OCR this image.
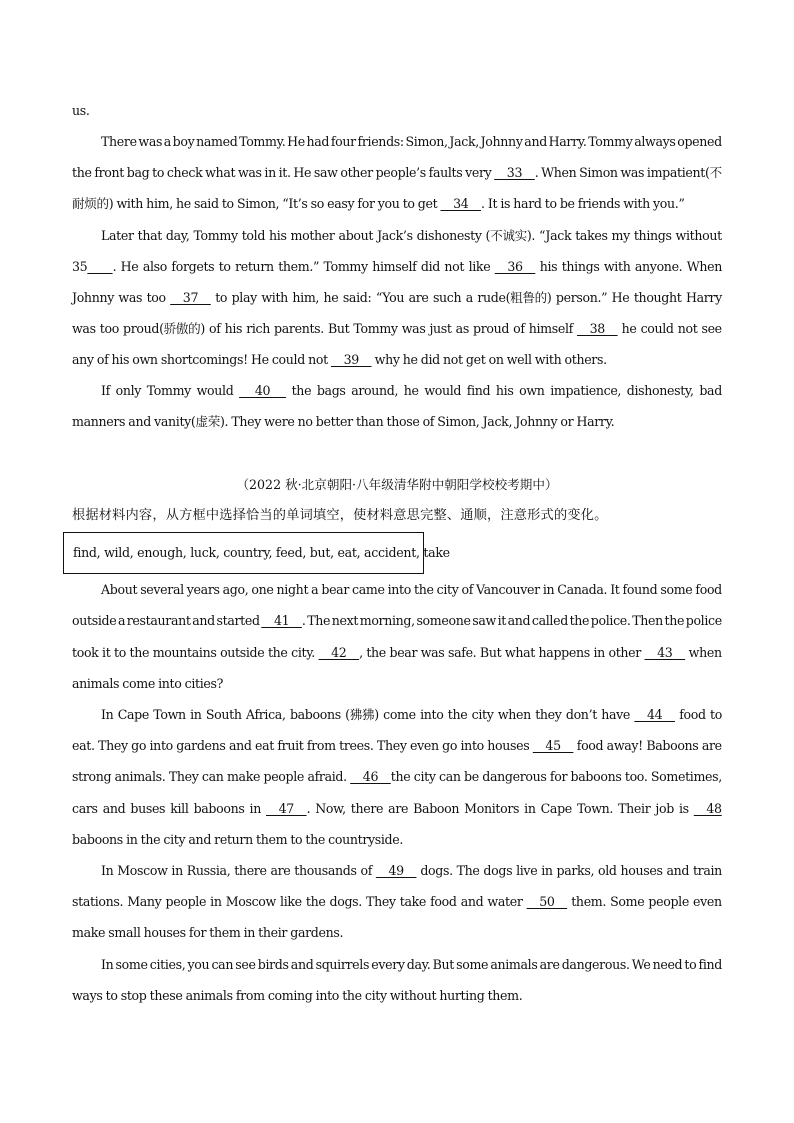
us.
There was a boy named Tommy. He had four friends: Simon, Jack, Johnny and Harry. Tommy always opened
the front bag to check what was in it. He saw other people’s faults very 33    . When Simon was impatient(不
耐烦的) with him, he said to Simon, “It’s so easy for you to get     34    . It is hard to be friends with you.”
Later that day, Tommy told his mother about Jack’s dishonesty (不诚实). “Jack takes my things without
35 . He also forgets to return them.” Tommy himself did not like 36 his things with anyone. When
Johnny was too 37 to play with him, he said: “You are such a rude(粗鲁的) person.” He thought Harry
was too proud(骄傲的) of his rich parents. But Tommy was just as proud of himself 38 he could not see
any of his own shortcomings! He could not     39     why he did not get on well with others.
If only Tommy would 40 the bags around, he would find his own impatience, dishonesty, bad
manners and vanity(虚荣). They were no better than those of Simon, Jack, Johnny or Harry.
（2022 秋·北京朝阳·八年级清华附中朝阳学校校考期中）
根据材料内容，从方框中选择恰当的单词填空，使材料意思完整、通顺，注意形式的变化。
find, wild, enough, luck, country, feed, but, eat, accident, take
About several years ago, one night a bear came into the city of Vancouver in Canada. It found some food
outside a restaurant and started 41    . The next morning, someone saw it and called the police. Then the police
took it to the mountains outside the city. 42    , the bear was safe. But what happens in other 43 when
animals come into cities?
In Cape Town in South Africa, baboons (狒狒) come into the city when they don’t have 44 food to
eat. They go into gardens and eat fruit from trees. They even go into houses 45 food away! Baboons are
strong animals. They can make people afraid. 46    the city can be dangerous for baboons too. Sometimes,
cars and buses kill baboons in 47    . Now, there are Baboon Monitors in Cape Town. Their job is 48
baboons in the city and return them to the countryside.
In Moscow in Russia, there are thousands of 49 dogs. The dogs live in parks, old houses and train
stations. Many people in Moscow like the dogs. They take food and water 50 them. Some people even
make small houses for them in their gardens.
In some cities, you can see birds and squirrels every day. But some animals are dangerous. We need to find
ways to stop these animals from coming into the city without hurting them.
